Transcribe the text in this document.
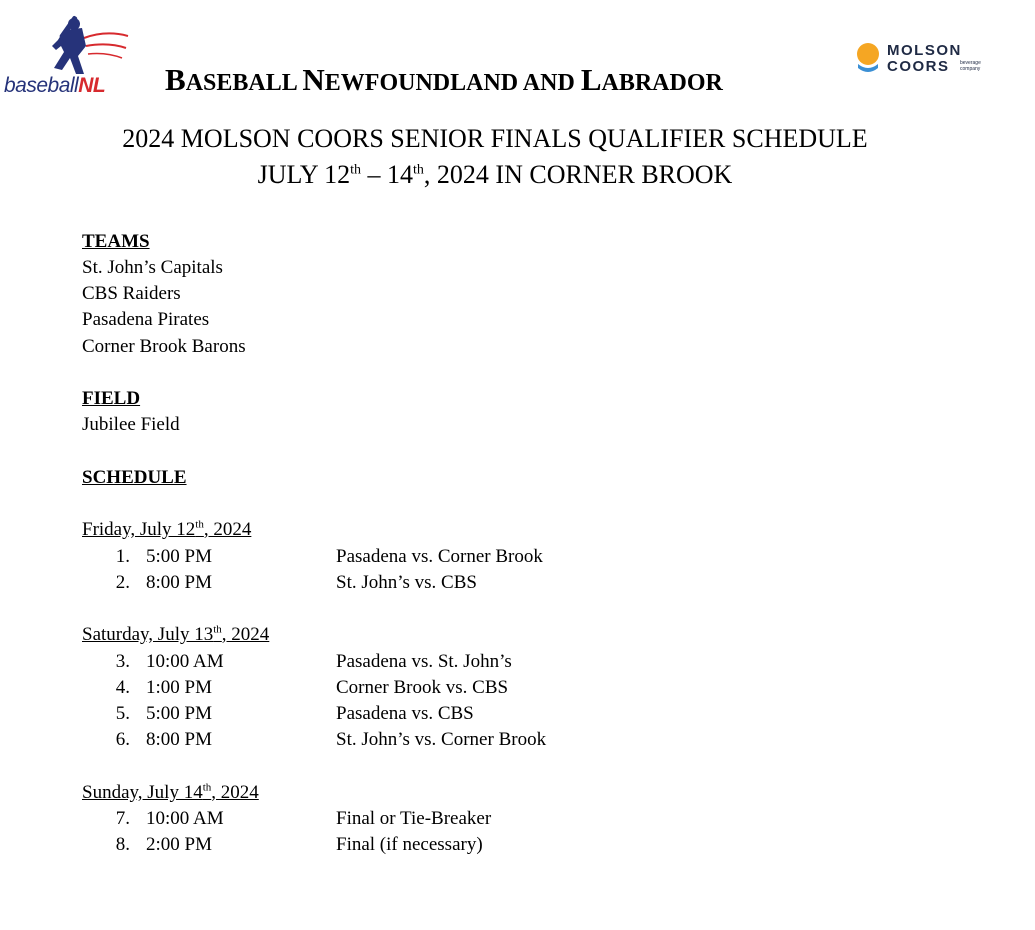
baseballNL BASEBALL NEWFOUNDLAND AND LABRADOR
MOLSON
COORS beverage company
2024 MOLSON COORS SENIOR FINALS QUALIFIER SCHEDULE
JULY 12th – 14th, 2024 IN CORNER BROOK
TEAMS
St. John’s Capitals
CBS Raiders
Pasadena Pirates
Corner Brook Barons
FIELD
Jubilee Field
SCHEDULE
Friday, July 12th, 2024
1. 5:00 PM	Pasadena vs. Corner Brook
2. 8:00 PM	St. John’s vs. CBS
Saturday, July 13th, 2024
3. 10:00 AM	Pasadena vs. St. John’s
4. 1:00 PM	Corner Brook vs. CBS
5. 5:00 PM	Pasadena vs. CBS
6. 8:00 PM	St. John’s vs. Corner Brook
Sunday, July 14th, 2024
7. 10:00 AM	Final or Tie-Breaker
8. 2:00 PM	Final (if necessary)
